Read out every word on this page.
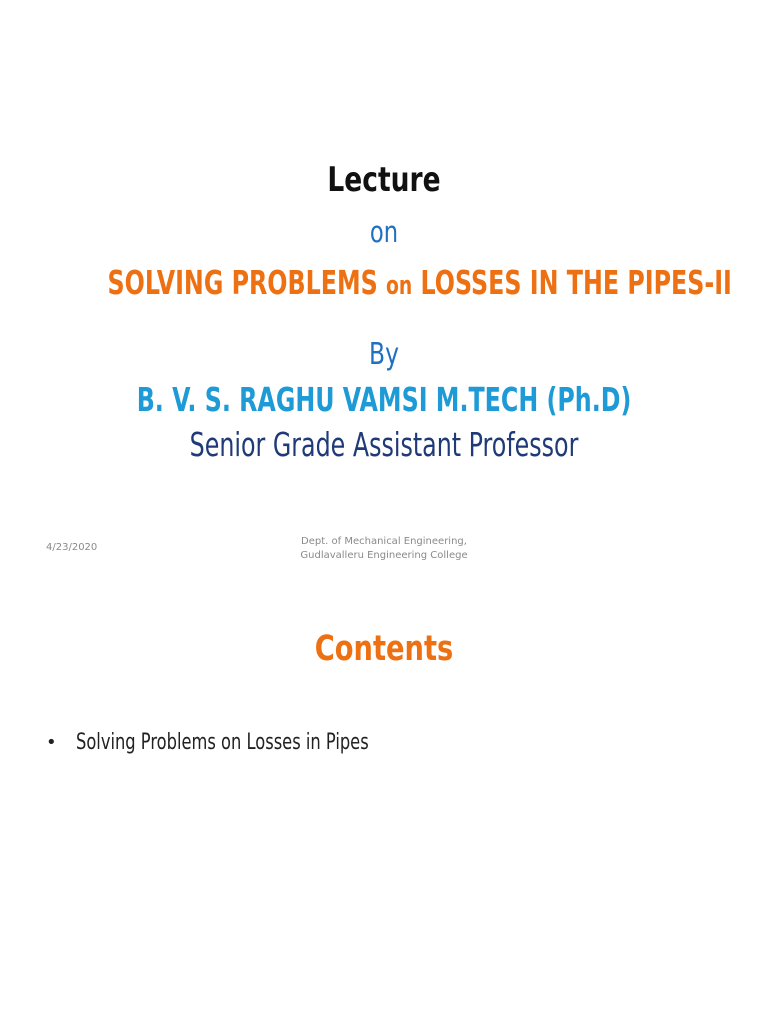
Lecture
on
SOLVING PROBLEMS on LOSSES IN THE PIPES-II
By
B. V. S. RAGHU VAMSI M.TECH (Ph.D)
Senior Grade Assistant Professor
4/23/2020
Dept. of Mechanical Engineering,
Gudlavalleru Engineering College
Contents
• Solving Problems on Losses in Pipes
